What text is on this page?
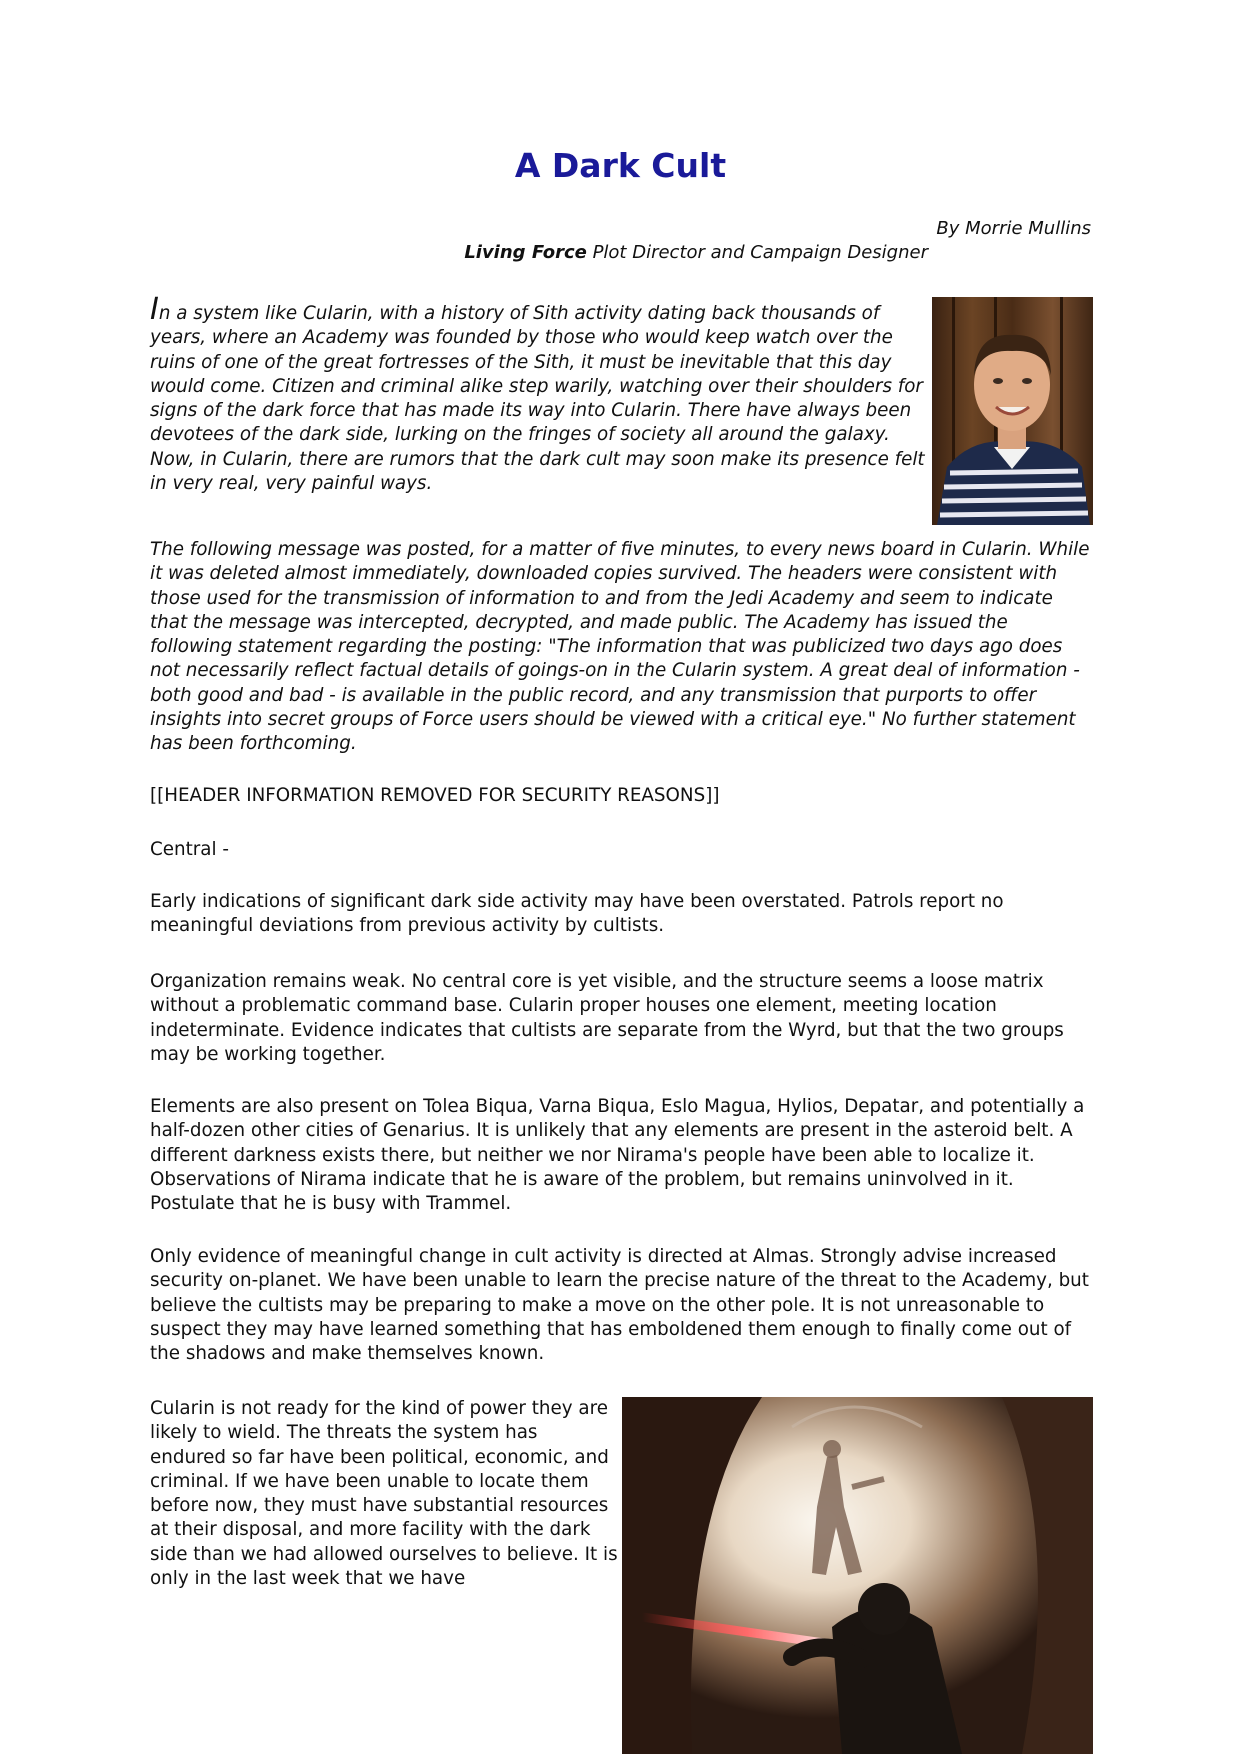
A Dark Cult
By Morrie Mullins
Living Force Plot Director and Campaign Designer

In a system like Cularin, with a history of Sith activity dating back thousands of years, where an Academy was founded by those who would keep watch over the ruins of one of the great fortresses of the Sith, it must be inevitable that this day would come. Citizen and criminal alike step warily, watching over their shoulders for signs of the dark force that has made its way into Cularin. There have always been devotees of the dark side, lurking on the fringes of society all around the galaxy. Now, in Cularin, there are rumors that the dark cult may soon make its presence felt in very real, very painful ways.

The following message was posted, for a matter of five minutes, to every news board in Cularin. While it was deleted almost immediately, downloaded copies survived. The headers were consistent with those used for the transmission of information to and from the Jedi Academy and seem to indicate that the message was intercepted, decrypted, and made public. The Academy has issued the following statement regarding the posting: "The information that was publicized two days ago does not necessarily reflect factual details of goings-on in the Cularin system. A great deal of information - both good and bad - is available in the public record, and any transmission that purports to offer insights into secret groups of Force users should be viewed with a critical eye." No further statement has been forthcoming.

[[HEADER INFORMATION REMOVED FOR SECURITY REASONS]]

Central -

Early indications of significant dark side activity may have been overstated. Patrols report no meaningful deviations from previous activity by cultists.

Organization remains weak. No central core is yet visible, and the structure seems a loose matrix without a problematic command base. Cularin proper houses one element, meeting location indeterminate. Evidence indicates that cultists are separate from the Wyrd, but that the two groups may be working together.

Elements are also present on Tolea Biqua, Varna Biqua, Eslo Magua, Hylios, Depatar, and potentially a half-dozen other cities of Genarius. It is unlikely that any elements are present in the asteroid belt. A different darkness exists there, but neither we nor Nirama's people have been able to localize it. Observations of Nirama indicate that he is aware of the problem, but remains uninvolved in it. Postulate that he is busy with Trammel.

Only evidence of meaningful change in cult activity is directed at Almas. Strongly advise increased security on-planet. We have been unable to learn the precise nature of the threat to the Academy, but believe the cultists may be preparing to make a move on the other pole. It is not unreasonable to suspect they may have learned something that has emboldened them enough to finally come out of the shadows and make themselves known.

Cularin is not ready for the kind of power they are likely to wield. The threats the system has endured so far have been political, economic, and criminal. If we have been unable to locate them before now, they must have substantial resources at their disposal, and more facility with the dark side than we had allowed ourselves to believe. It is only in the last week that we have
